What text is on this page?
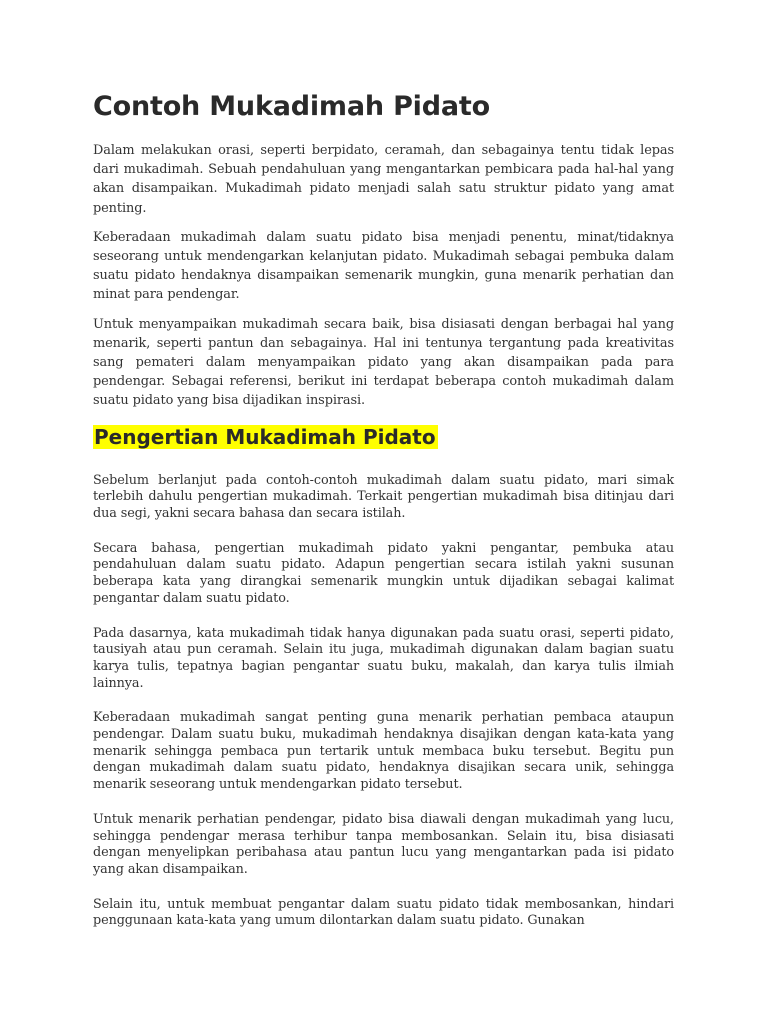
Contoh Mukadimah Pidato

Dalam melakukan orasi, seperti berpidato, ceramah, dan sebagainya tentu tidak lepas dari mukadimah. Sebuah pendahuluan yang mengantarkan pembicara pada hal-hal yang akan disampaikan. Mukadimah pidato menjadi salah satu struktur pidato yang amat penting.

Keberadaan mukadimah dalam suatu pidato bisa menjadi penentu, minat/tidaknya seseorang untuk mendengarkan kelanjutan pidato. Mukadimah sebagai pembuka dalam suatu pidato hendaknya disampaikan semenarik mungkin, guna menarik perhatian dan minat para pendengar.

Untuk menyampaikan mukadimah secara baik, bisa disiasati dengan berbagai hal yang menarik, seperti pantun dan sebagainya. Hal ini tentunya tergantung pada kreativitas sang pemateri dalam menyampaikan pidato yang akan disampaikan pada para pendengar. Sebagai referensi, berikut ini terdapat beberapa contoh mukadimah dalam suatu pidato yang bisa dijadikan inspirasi.

Pengertian Mukadimah Pidato

Sebelum berlanjut pada contoh-contoh mukadimah dalam suatu pidato, mari simak terlebih dahulu pengertian mukadimah. Terkait pengertian mukadimah bisa ditinjau dari dua segi, yakni secara bahasa dan secara istilah.

Secara bahasa, pengertian mukadimah pidato yakni pengantar, pembuka atau pendahuluan dalam suatu pidato. Adapun pengertian secara istilah yakni susunan beberapa kata yang dirangkai semenarik mungkin untuk dijadikan sebagai kalimat pengantar dalam suatu pidato.

Pada dasarnya, kata mukadimah tidak hanya digunakan pada suatu orasi, seperti pidato, tausiyah atau pun ceramah. Selain itu juga, mukadimah digunakan dalam bagian suatu karya tulis, tepatnya bagian pengantar suatu buku, makalah, dan karya tulis ilmiah lainnya.

Keberadaan mukadimah sangat penting guna menarik perhatian pembaca ataupun pendengar. Dalam suatu buku, mukadimah hendaknya disajikan dengan kata-kata yang menarik sehingga pembaca pun tertarik untuk membaca buku tersebut. Begitu pun dengan mukadimah dalam suatu pidato, hendaknya disajikan secara unik, sehingga menarik seseorang untuk mendengarkan pidato tersebut.

Untuk menarik perhatian pendengar, pidato bisa diawali dengan mukadimah yang lucu, sehingga pendengar merasa terhibur tanpa membosankan. Selain itu, bisa disiasati dengan menyelipkan peribahasa atau pantun lucu yang mengantarkan pada isi pidato yang akan disampaikan.

Selain itu, untuk membuat pengantar dalam suatu pidato tidak membosankan, hindari penggunaan kata-kata yang umum dilontarkan dalam suatu pidato. Gunakan
